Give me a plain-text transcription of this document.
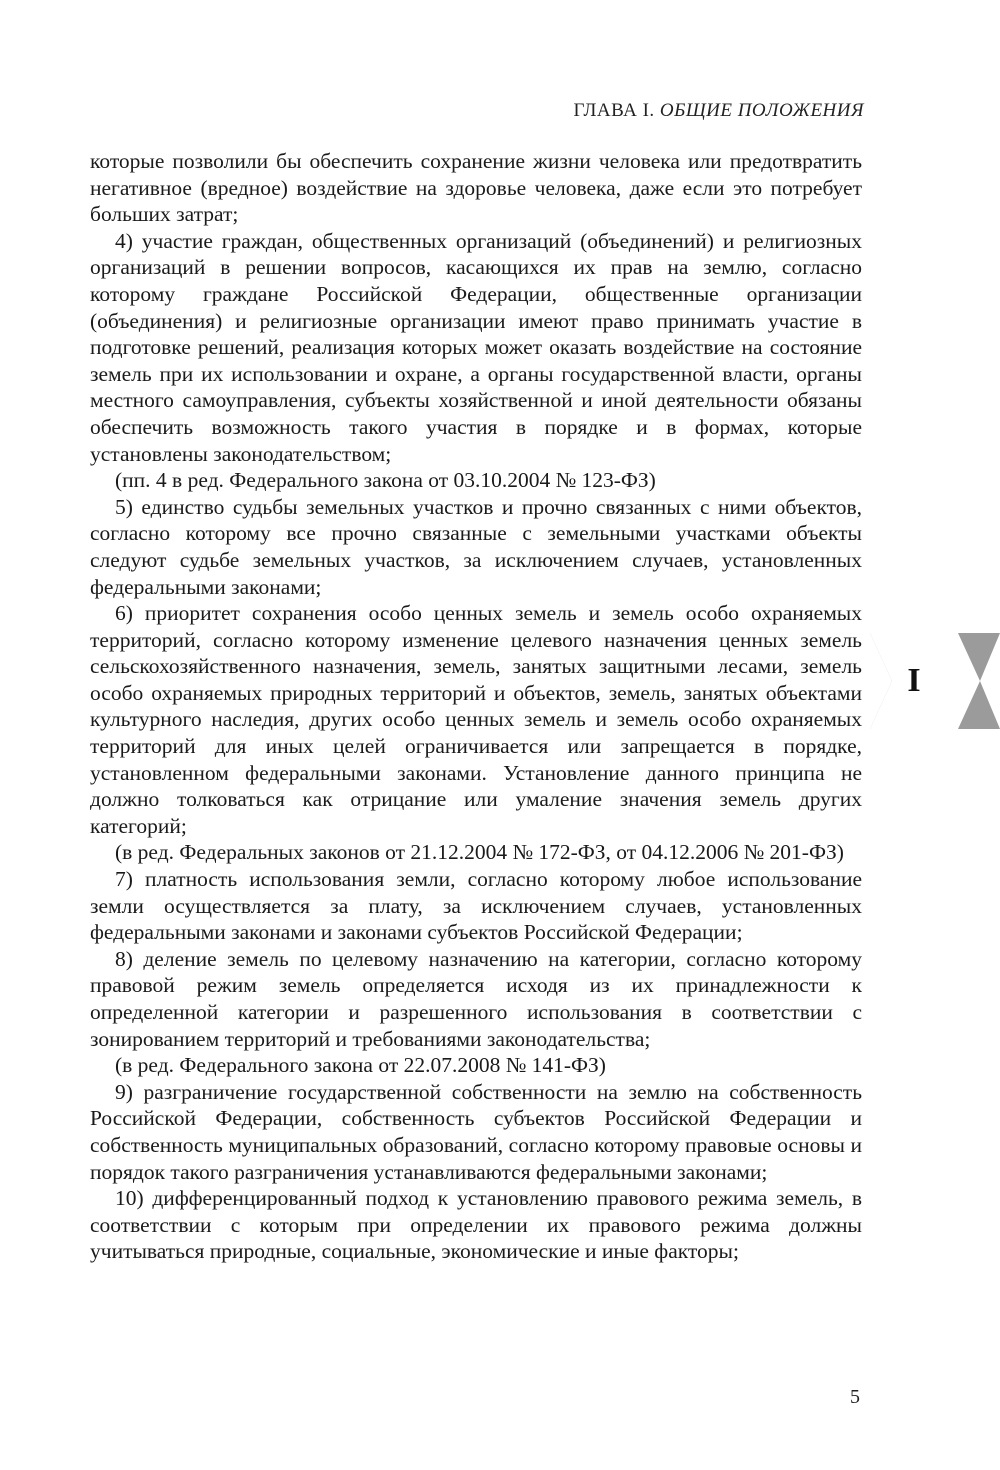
ГЛАВА I. ОБЩИЕ ПОЛОЖЕНИЯ

которые позволили бы обеспечить сохранение жизни человека или предотвратить негативное (вредное) воздействие на здоровье человека, даже если это потребует больших затрат;

4) участие граждан, общественных организаций (объединений) и религиозных организаций в решении вопросов, касающихся их прав на землю, согласно которому граждане Российской Федерации, общественные организации (объединения) и религиозные организации имеют право принимать участие в подготовке решений, реализация которых может оказать воздействие на состояние земель при их использовании и охране, а органы государственной власти, органы местного самоуправления, субъекты хозяйственной и иной деятельности обязаны обеспечить возможность такого участия в порядке и в формах, которые установлены законодательством;

(пп. 4 в ред. Федерального закона от 03.10.2004 № 123-ФЗ)

5) единство судьбы земельных участков и прочно связанных с ними объектов, согласно которому все прочно связанные с земельными участками объекты следуют судьбе земельных участков, за исключением случаев, установленных федеральными законами;

6) приоритет сохранения особо ценных земель и земель особо охраняемых территорий, согласно которому изменение целевого назначения ценных земель сельскохозяйственного назначения, земель, занятых защитными лесами, земель особо охраняемых природных территорий и объектов, земель, занятых объектами культурного наследия, других особо ценных земель и земель особо охраняемых территорий для иных целей ограничивается или запрещается в порядке, установленном федеральными законами. Установление данного принципа не должно толковаться как отрицание или умаление значения земель других категорий;

(в ред. Федеральных законов от 21.12.2004 № 172-ФЗ, от 04.12.2006 № 201-ФЗ)

7) платность использования земли, согласно которому любое использование земли осуществляется за плату, за исключением случаев, установленных федеральными законами и законами субъектов Российской Федерации;

8) деление земель по целевому назначению на категории, согласно которому правовой режим земель определяется исходя из их принадлежности к определенной категории и разрешенного использования в соответствии с зонированием территорий и требованиями законодательства;

(в ред. Федерального закона от 22.07.2008 № 141-ФЗ)

9) разграничение государственной собственности на землю на собственность Российской Федерации, собственность субъектов Российской Федерации и собственность муниципальных образований, согласно которому правовые основы и порядок такого разграничения устанавливаются федеральными законами;

10) дифференцированный подход к установлению правового режима земель, в соответствии с которым при определении их правового режима должны учитываться природные, социальные, экономические и иные факторы;

I
5
